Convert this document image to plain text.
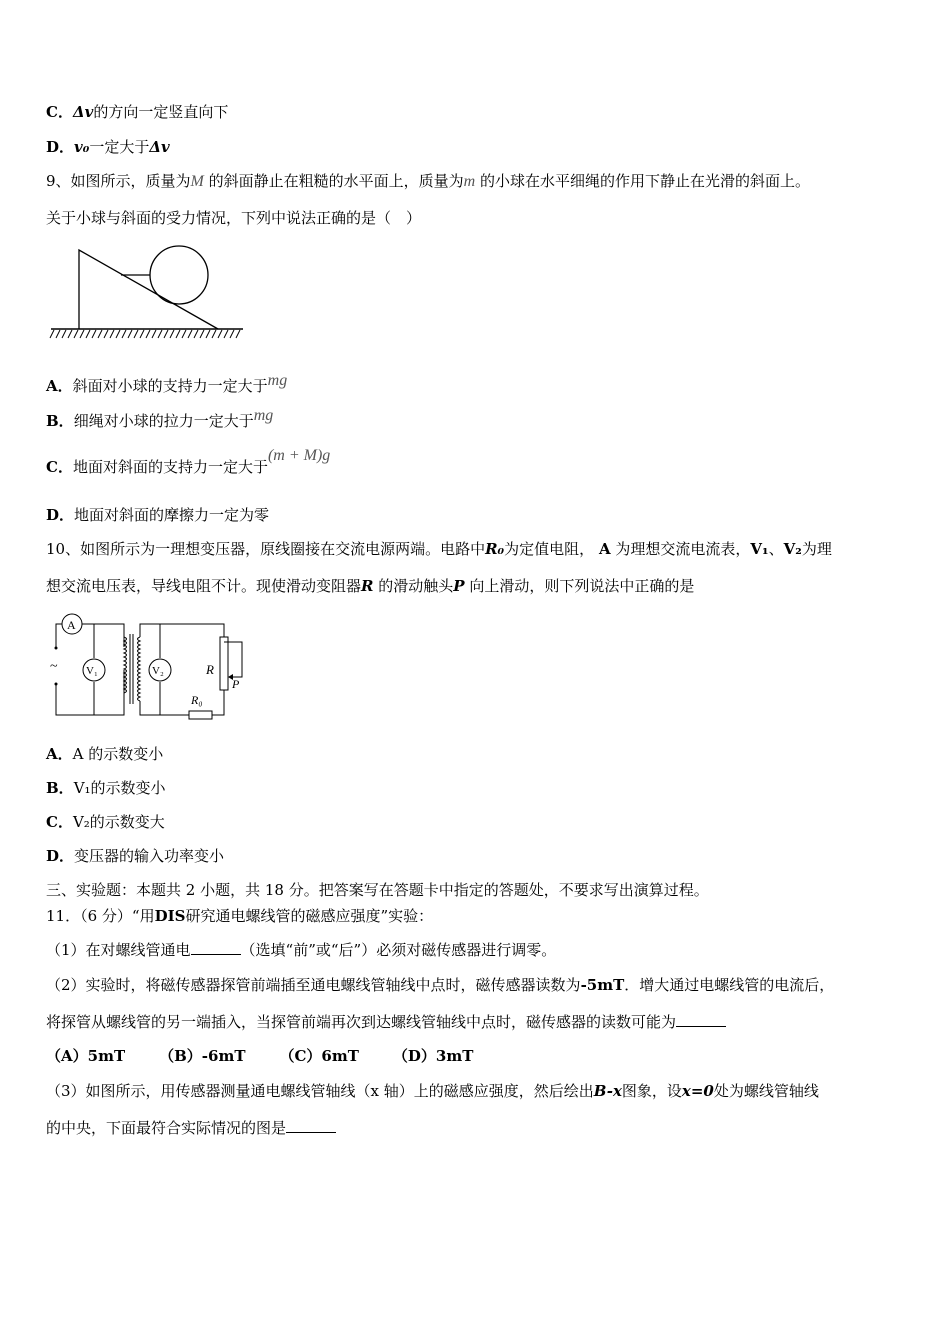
C．Δv的方向一定竖直向下
D．v₀一定大于Δv
9、如图所示，质量为M 的斜面静止在粗糙的水平面上，质量为m 的小球在水平细绳的作用下静止在光滑的斜面上。
关于小球与斜面的受力情况，下列中说法正确的是（　）
A．斜面对小球的支持力一定大于mg
B．细绳对小球的拉力一定大于mg
C．地面对斜面的支持力一定大于(m + M)g
D．地面对斜面的摩擦力一定为零
10、如图所示为一理想变压器，原线圈接在交流电源两端。电路中R₀为定值电阻， A 为理想交流电流表，V₁、V₂为理
想交流电压表，导线电阻不计。现使滑动变阻器R 的滑动触头P 向上滑动，则下列说法中正确的是
~
A
V₁	V₂	R
P
R₀
A．A 的示数变小
B．V₁的示数变小
C．V₂的示数变大
D．变压器的输入功率变小
三、实验题：本题共 2 小题，共 18 分。把答案写在答题卡中指定的答题处，不要求写出演算过程。
11．（6 分）“用DIS研究通电螺线管的磁感应强度”实验：
（1）在对螺线管通电	（选填“前”或“后”）必须对磁传感器进行调零。
（2）实验时，将磁传感器探管前端插至通电螺线管轴线中点时，磁传感器读数为-5mT．增大通过电螺线管的电流后，
将探管从螺线管的另一端插入，当探管前端再次到达螺线管轴线中点时，磁传感器的读数可能为
（A）5mT （B）-6mT （C）6mT （D）3mT
（3）如图所示，用传感器测量通电螺线管轴线（x 轴）上的磁感应强度，然后绘出B-x图象，设x=0处为螺线管轴线
的中央，下面最符合实际情况的图是
